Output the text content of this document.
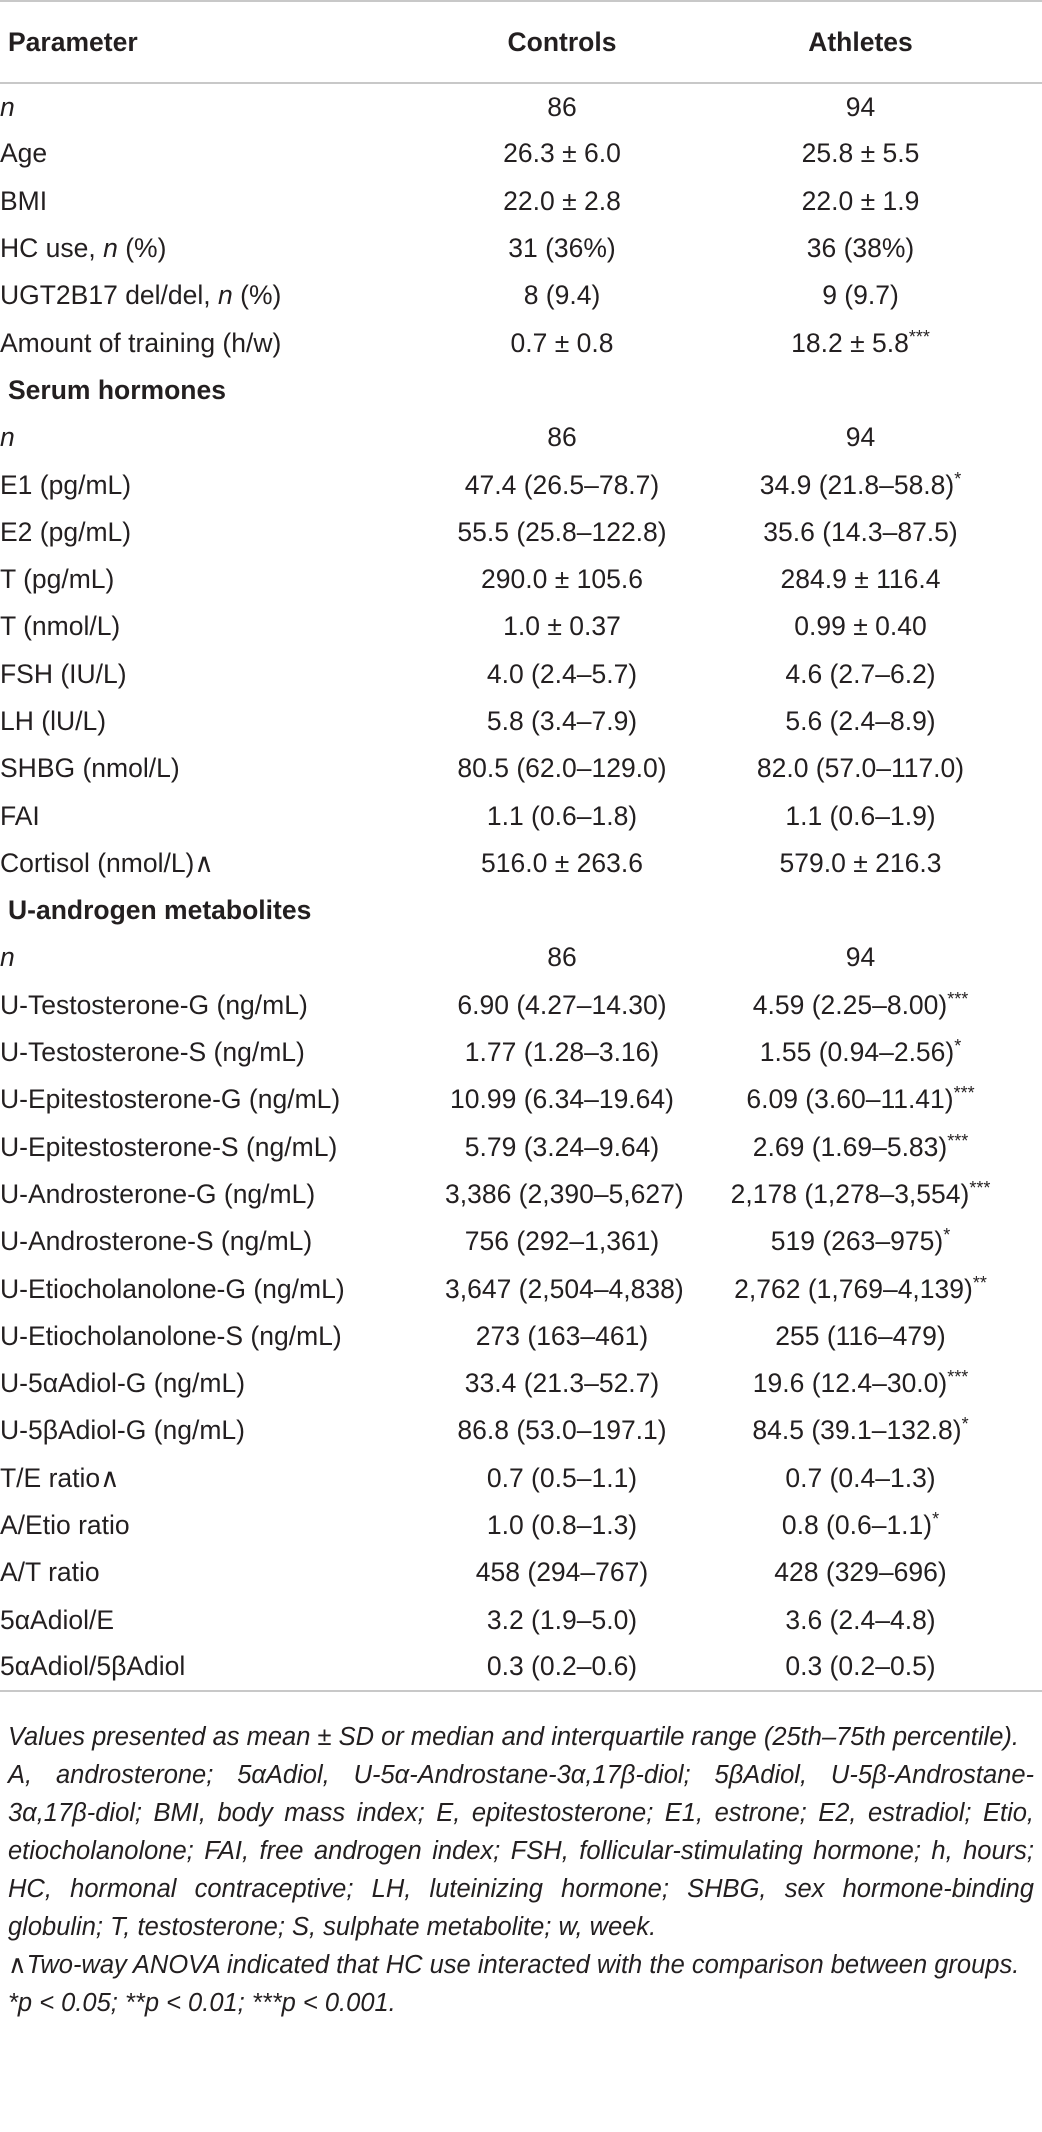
Parameter	Controls	Athletes
n	86	94
Age	26.3 ± 6.0	25.8 ± 5.5
BMI	22.0 ± 2.8	22.0 ± 1.9
HC use, n (%)	31 (36%)	36 (38%)
UGT2B17 del/del, n (%)	8 (9.4)	9 (9.7)
Amount of training (h/w)	0.7 ± 0.8	18.2 ± 5.8***
Serum hormones		
n	86	94
E1 (pg/mL)	47.4 (26.5–78.7)	34.9 (21.8–58.8)*
E2 (pg/mL)	55.5 (25.8–122.8)	35.6 (14.3–87.5)
T (pg/mL)	290.0 ± 105.6	284.9 ± 116.4
T (nmol/L)	1.0 ± 0.37	0.99 ± 0.40
FSH (IU/L)	4.0 (2.4–5.7)	4.6 (2.7–6.2)
LH (lU/L)	5.8 (3.4–7.9)	5.6 (2.4–8.9)
SHBG (nmol/L)	80.5 (62.0–129.0)	82.0 (57.0–117.0)
FAI	1.1 (0.6–1.8)	1.1 (0.6–1.9)
Cortisol (nmol/L)∧	516.0 ± 263.6	579.0 ± 216.3
U-androgen metabolites		
n	86	94
U-Testosterone-G (ng/mL)	6.90 (4.27–14.30)	4.59 (2.25–8.00)***
U-Testosterone-S (ng/mL)	1.77 (1.28–3.16)	1.55 (0.94–2.56)*
U-Epitestosterone-G (ng/mL)	10.99 (6.34–19.64)	6.09 (3.60–11.41)***
U-Epitestosterone-S (ng/mL)	5.79 (3.24–9.64)	2.69 (1.69–5.83)***
U-Androsterone-G (ng/mL)	3,386 (2,390–5,627)	2,178 (1,278–3,554)***
U-Androsterone-S (ng/mL)	756 (292–1,361)	519 (263–975)*
U-Etiocholanolone-G (ng/mL)	3,647 (2,504–4,838)	2,762 (1,769–4,139)**
U-Etiocholanolone-S (ng/mL)	273 (163–461)	255 (116–479)
U-5αAdiol-G (ng/mL)	33.4 (21.3–52.7)	19.6 (12.4–30.0)***
U-5βAdiol-G (ng/mL)	86.8 (53.0–197.1)	84.5 (39.1–132.8)*
T/E ratio∧	0.7 (0.5–1.1)	0.7 (0.4–1.3)
A/Etio ratio	1.0 (0.8–1.3)	0.8 (0.6–1.1)*
A/T ratio	458 (294–767)	428 (329–696)
5αAdiol/E	3.2 (1.9–5.0)	3.6 (2.4–4.8)
5αAdiol/5βAdiol	0.3 (0.2–0.6)	0.3 (0.2–0.5)

Values presented as mean ± SD or median and interquartile range (25th–75th percentile).

A, androsterone; 5αAdiol, U-5α-Androstane-3α,17β-diol; 5βAdiol, U-5β-Androstane-3α,17β-diol; BMI, body mass index; E, epitestosterone; E1, estrone; E2, estradiol; Etio, etiocholanolone; FAI, free androgen index; FSH, follicular-stimulating hormone; h, hours; HC, hormonal contraceptive; LH, luteinizing hormone; SHBG, sex hormone-binding globulin; T, testosterone; S, sulphate metabolite; w, week.

∧Two-way ANOVA indicated that HC use interacted with the comparison between groups.

*p < 0.05; **p < 0.01; ***p < 0.001.
